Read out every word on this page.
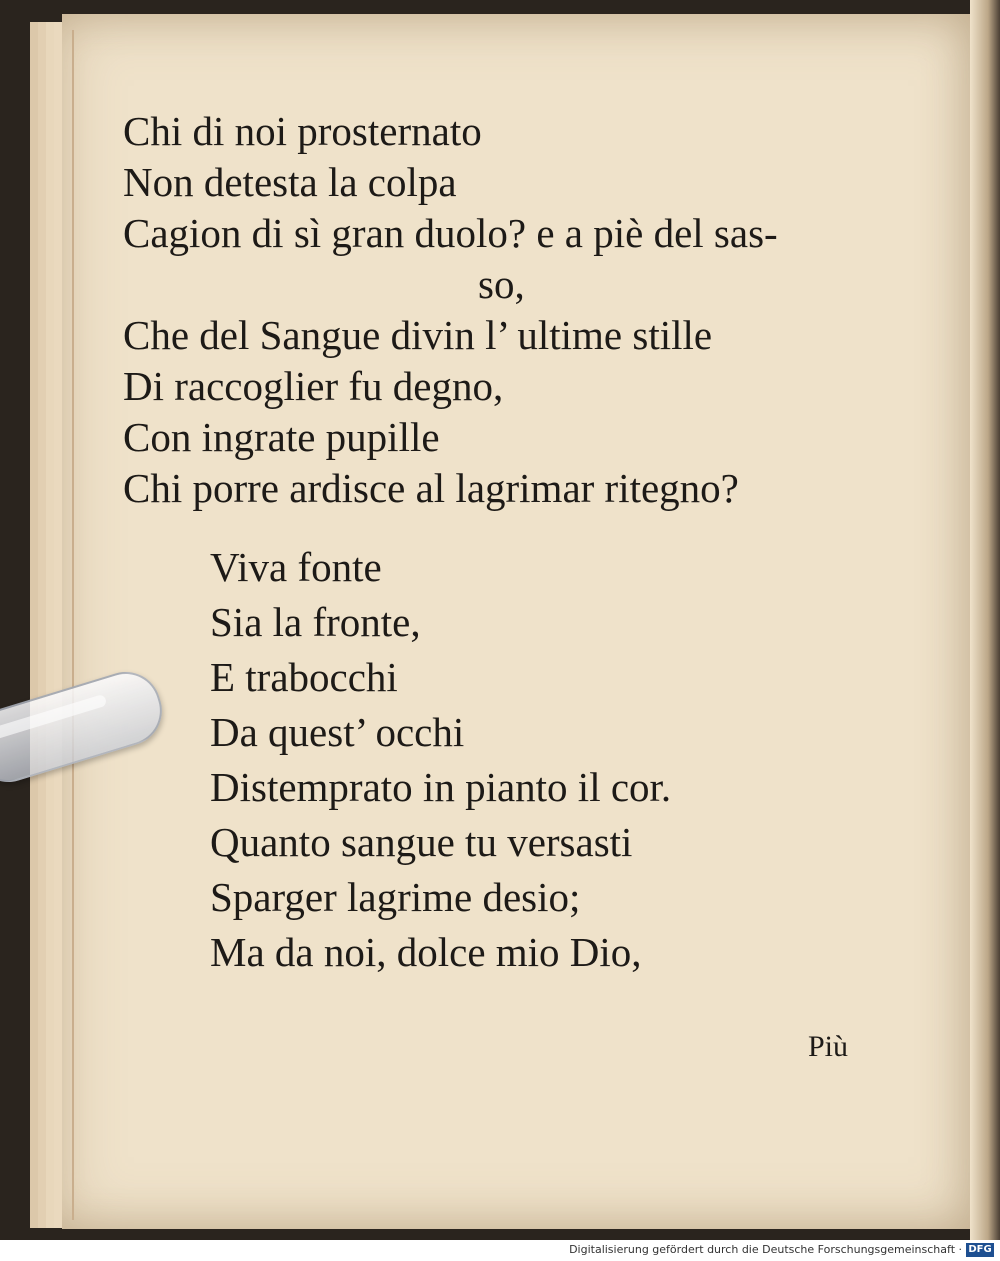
Chi di noi prosternato
Non detesta la colpa
Cagion di sì gran duolo? e a piè del sas-
so,
Che del Sangue divin l’ ultime stille
Di raccoglier fu degno,
Con ingrate pupille
Chi porre ardisce al lagrimar ritegno?
Viva fonte
Sia la fronte,
E trabocchi
Da quest’ occhi
Distemprato in pianto il cor.
Quanto sangue tu versasti
Sparger lagrime desio;
Ma da noi, dolce mio Dio,
Più
Digitalisierung gefördert durch die Deutsche Forschungsgemeinschaft · DFG
